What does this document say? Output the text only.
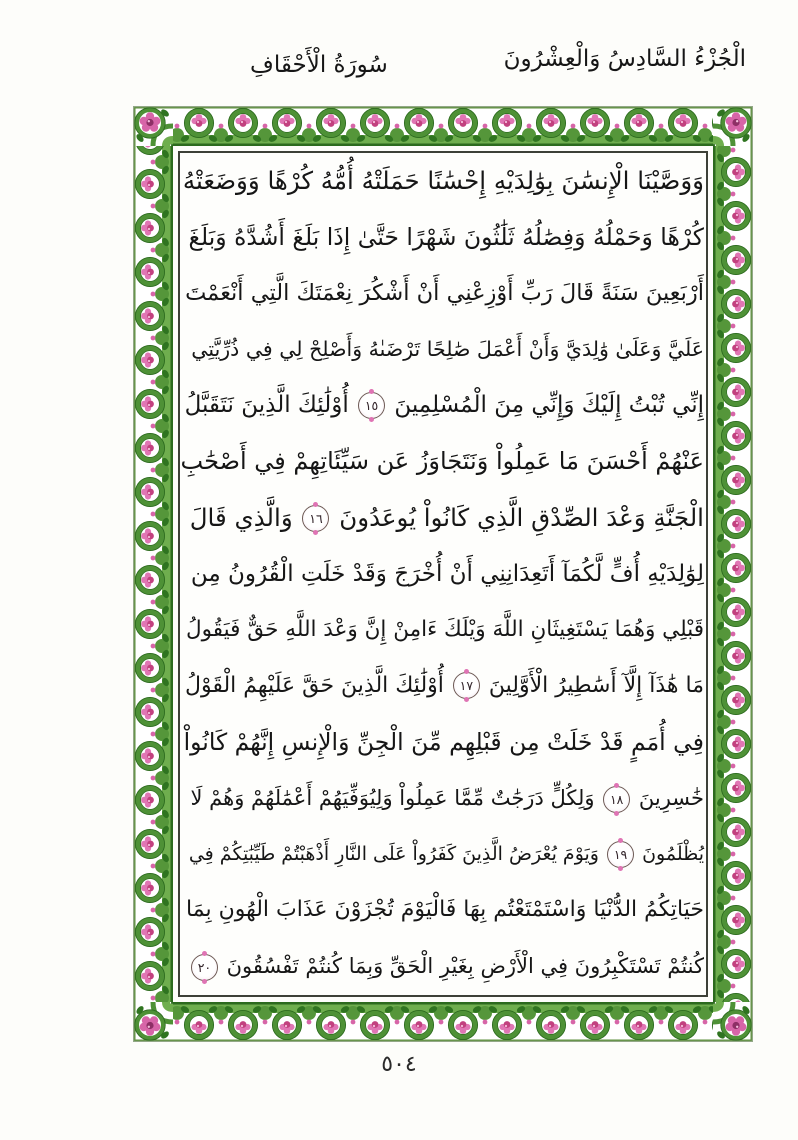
الْجُزْءُ السَّادِسُ وَالْعِشْرُونَ
سُورَةُ الْأَحْقَافِ
وَوَصَّيْنَا الْإِنسَٰنَ بِوَٰلِدَيْهِ إِحْسَٰنًا حَمَلَتْهُ أُمُّهُ كُرْهًا وَوَضَعَتْهُ
كُرْهًا وَحَمْلُهُ وَفِصَٰلُهُ ثَلَٰثُونَ شَهْرًا حَتَّىٰ إِذَا بَلَغَ أَشُدَّهُ وَبَلَغَ
أَرْبَعِينَ سَنَةً قَالَ رَبِّ أَوْزِعْنِي أَنْ أَشْكُرَ نِعْمَتَكَ الَّتِي أَنْعَمْتَ
عَلَيَّ وَعَلَىٰ وَٰلِدَيَّ وَأَنْ أَعْمَلَ صَٰلِحًا تَرْضَىٰهُ وَأَصْلِحْ لِي فِي ذُرِّيَّتِي
إِنِّي تُبْتُ إِلَيْكَ وَإِنِّي مِنَ الْمُسْلِمِينَ ١٥ أُوْلَٰئِكَ الَّذِينَ نَتَقَبَّلُ
عَنْهُمْ أَحْسَنَ مَا عَمِلُواْ وَنَتَجَاوَزُ عَن سَيِّئَاتِهِمْ فِي أَصْحَٰبِ
الْجَنَّةِ وَعْدَ الصِّدْقِ الَّذِي كَانُواْ يُوعَدُونَ ١٦ وَالَّذِي قَالَ
لِوَٰلِدَيْهِ أُفٍّ لَّكُمَآ أَتَعِدَانِنِي أَنْ أُخْرَجَ وَقَدْ خَلَتِ الْقُرُونُ مِن
قَبْلِي وَهُمَا يَسْتَغِيثَانِ اللَّهَ وَيْلَكَ ءَامِنْ إِنَّ وَعْدَ اللَّهِ حَقٌّ فَيَقُولُ
مَا هَٰذَآ إِلَّآ أَسَٰطِيرُ الْأَوَّلِينَ ١٧ أُوْلَٰئِكَ الَّذِينَ حَقَّ عَلَيْهِمُ الْقَوْلُ
فِي أُمَمٍ قَدْ خَلَتْ مِن قَبْلِهِم مِّنَ الْجِنِّ وَالْإِنسِ إِنَّهُمْ كَانُواْ
خَٰسِرِينَ ١٨ وَلِكُلٍّ دَرَجَٰتٌ مِّمَّا عَمِلُواْ وَلِيُوَفِّيَهُمْ أَعْمَٰلَهُمْ وَهُمْ لَا
يُظْلَمُونَ ١٩ وَيَوْمَ يُعْرَضُ الَّذِينَ كَفَرُواْ عَلَى النَّارِ أَذْهَبْتُمْ طَيِّبَٰتِكُمْ فِي
حَيَاتِكُمُ الدُّنْيَا وَاسْتَمْتَعْتُم بِهَا فَالْيَوْمَ تُجْزَوْنَ عَذَابَ الْهُونِ بِمَا
كُنتُمْ تَسْتَكْبِرُونَ فِي الْأَرْضِ بِغَيْرِ الْحَقِّ وَبِمَا كُنتُمْ تَفْسُقُونَ ٢٠
٥٠٤
